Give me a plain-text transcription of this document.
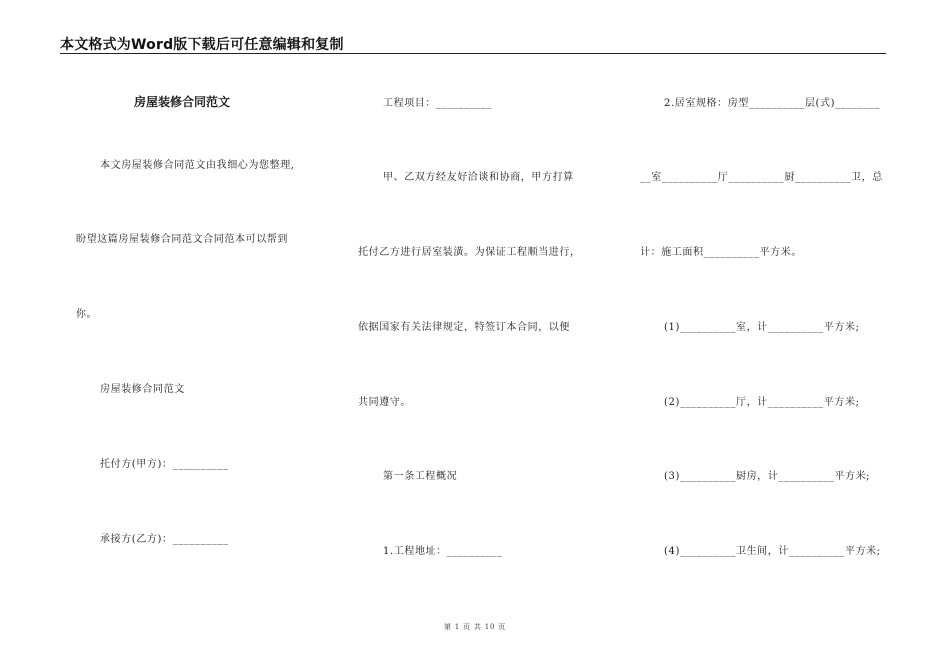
本文格式为Word版下载后可任意编辑和复制
房屋装修合同范文
本文房屋装修合同范文由我细心为您整理,
盼望这篇房屋装修合同范文合同范本可以帮到
你。
房屋装修合同范文
托付方(甲方)：__________
承接方(乙方)：__________
工程项目：__________
甲、乙双方经友好洽谈和协商，甲方打算
托付乙方进行居室装潢。为保证工程顺当进行，
依据国家有关法律规定，特签订本合同，以便
共同遵守。
第一条工程概况
1.工程地址：__________
2.居室规格：房型__________层(式)________
__室__________厅__________厨__________卫，总
计：施工面积__________平方米。
(1)__________室，计__________平方米;
(2)__________厅，计__________平方米;
(3)__________厨房，计__________平方米;
(4)__________卫生间，计__________平方米;
第 1 页 共 10 页
